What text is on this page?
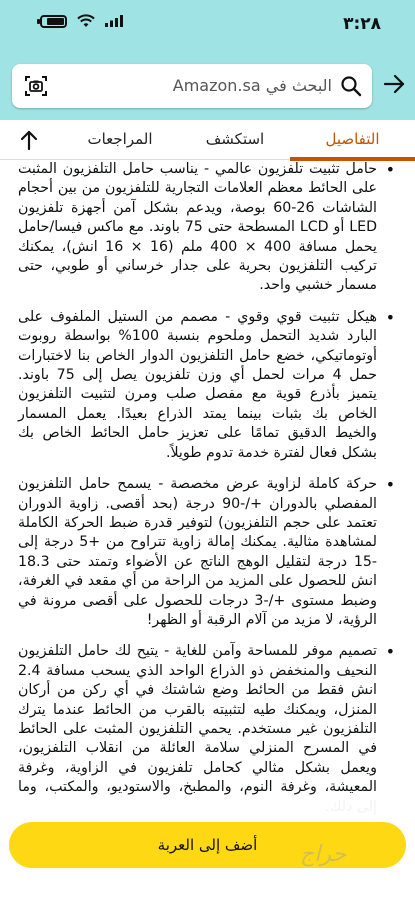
٣:٢٨
البحث في Amazon.sa
التفاصيل
استكشف
المراجعات
• حامل تثبيت تلفزيون عالمي - يناسب حامل التلفزيون المثبت على الحائط معظم العلامات التجارية للتلفزيون من بين أحجام الشاشات 26-60 بوصة، ويدعم بشكل آمن أجهزة تلفزيون LED أو LCD المسطحة حتى 75 باوند. مع ماكس فيسا/حامل يحمل مسافة 400 × 400 ملم (16 × 16 انش)، يمكنك تركيب التلفزيون بحرية على جدار خرساني أو طوبي، حتى مسمار خشبي واحد.
• هيكل تثبيت قوي وقوي - مصمم من الستيل الملفوف على البارد شديد التحمل وملحوم بنسبة 100% بواسطة روبوت أوتوماتيكي، خضع حامل التلفزيون الدوار الخاص بنا لاختبارات حمل 4 مرات لحمل أي وزن تلفزيون يصل إلى 75 باوند. يتميز بأذرع قوية مع مفصل صلب ومرن لتثبيت التلفزيون الخاص بك بثبات بينما يمتد الذراع بعيدًا. يعمل المسمار والخيط الدقيق تمامًا على تعزيز حامل الحائط الخاص بك بشكل فعال لفترة خدمة تدوم طويلاً.
• حركة كاملة لزاوية عرض مخصصة - يسمح حامل التلفزيون المفصلي بالدوران +/-90 درجة (بحد أقصى. زاوية الدوران تعتمد على حجم التلفزيون) لتوفير قدرة ضبط الحركة الكاملة لمشاهدة مثالية. يمكنك إمالة زاوية تتراوح من +5 درجة إلى -15 درجة لتقليل الوهج الناتج عن الأضواء وتمتد حتى 18.3 انش للحصول على المزيد من الراحة من أي مقعد في الغرفة، وضبط مستوى +/-3 درجات للحصول على أقصى مرونة في الرؤية، لا مزيد من آلام الرقبة أو الظهر!
• تصميم موفر للمساحة وآمن للغاية - يتيح لك حامل التلفزيون النحيف والمنخفض ذو الذراع الواحد الذي يسحب مسافة 2.4 انش فقط من الحائط وضع شاشتك في أي ركن من أركان المنزل، ويمكنك طيه لتثبيته بالقرب من الحائط عندما يترك التلفزيون غير مستخدم. يحمي التلفزيون المثبت على الحائط في المسرح المنزلي سلامة العائلة من انقلاب التلفزيون، ويعمل بشكل مثالي كحامل تلفزيون في الزاوية، وغرفة المعيشة، وغرفة النوم، والمطبخ، والاستوديو، والمكتب، وما
أضف إلى العربة	حراج
